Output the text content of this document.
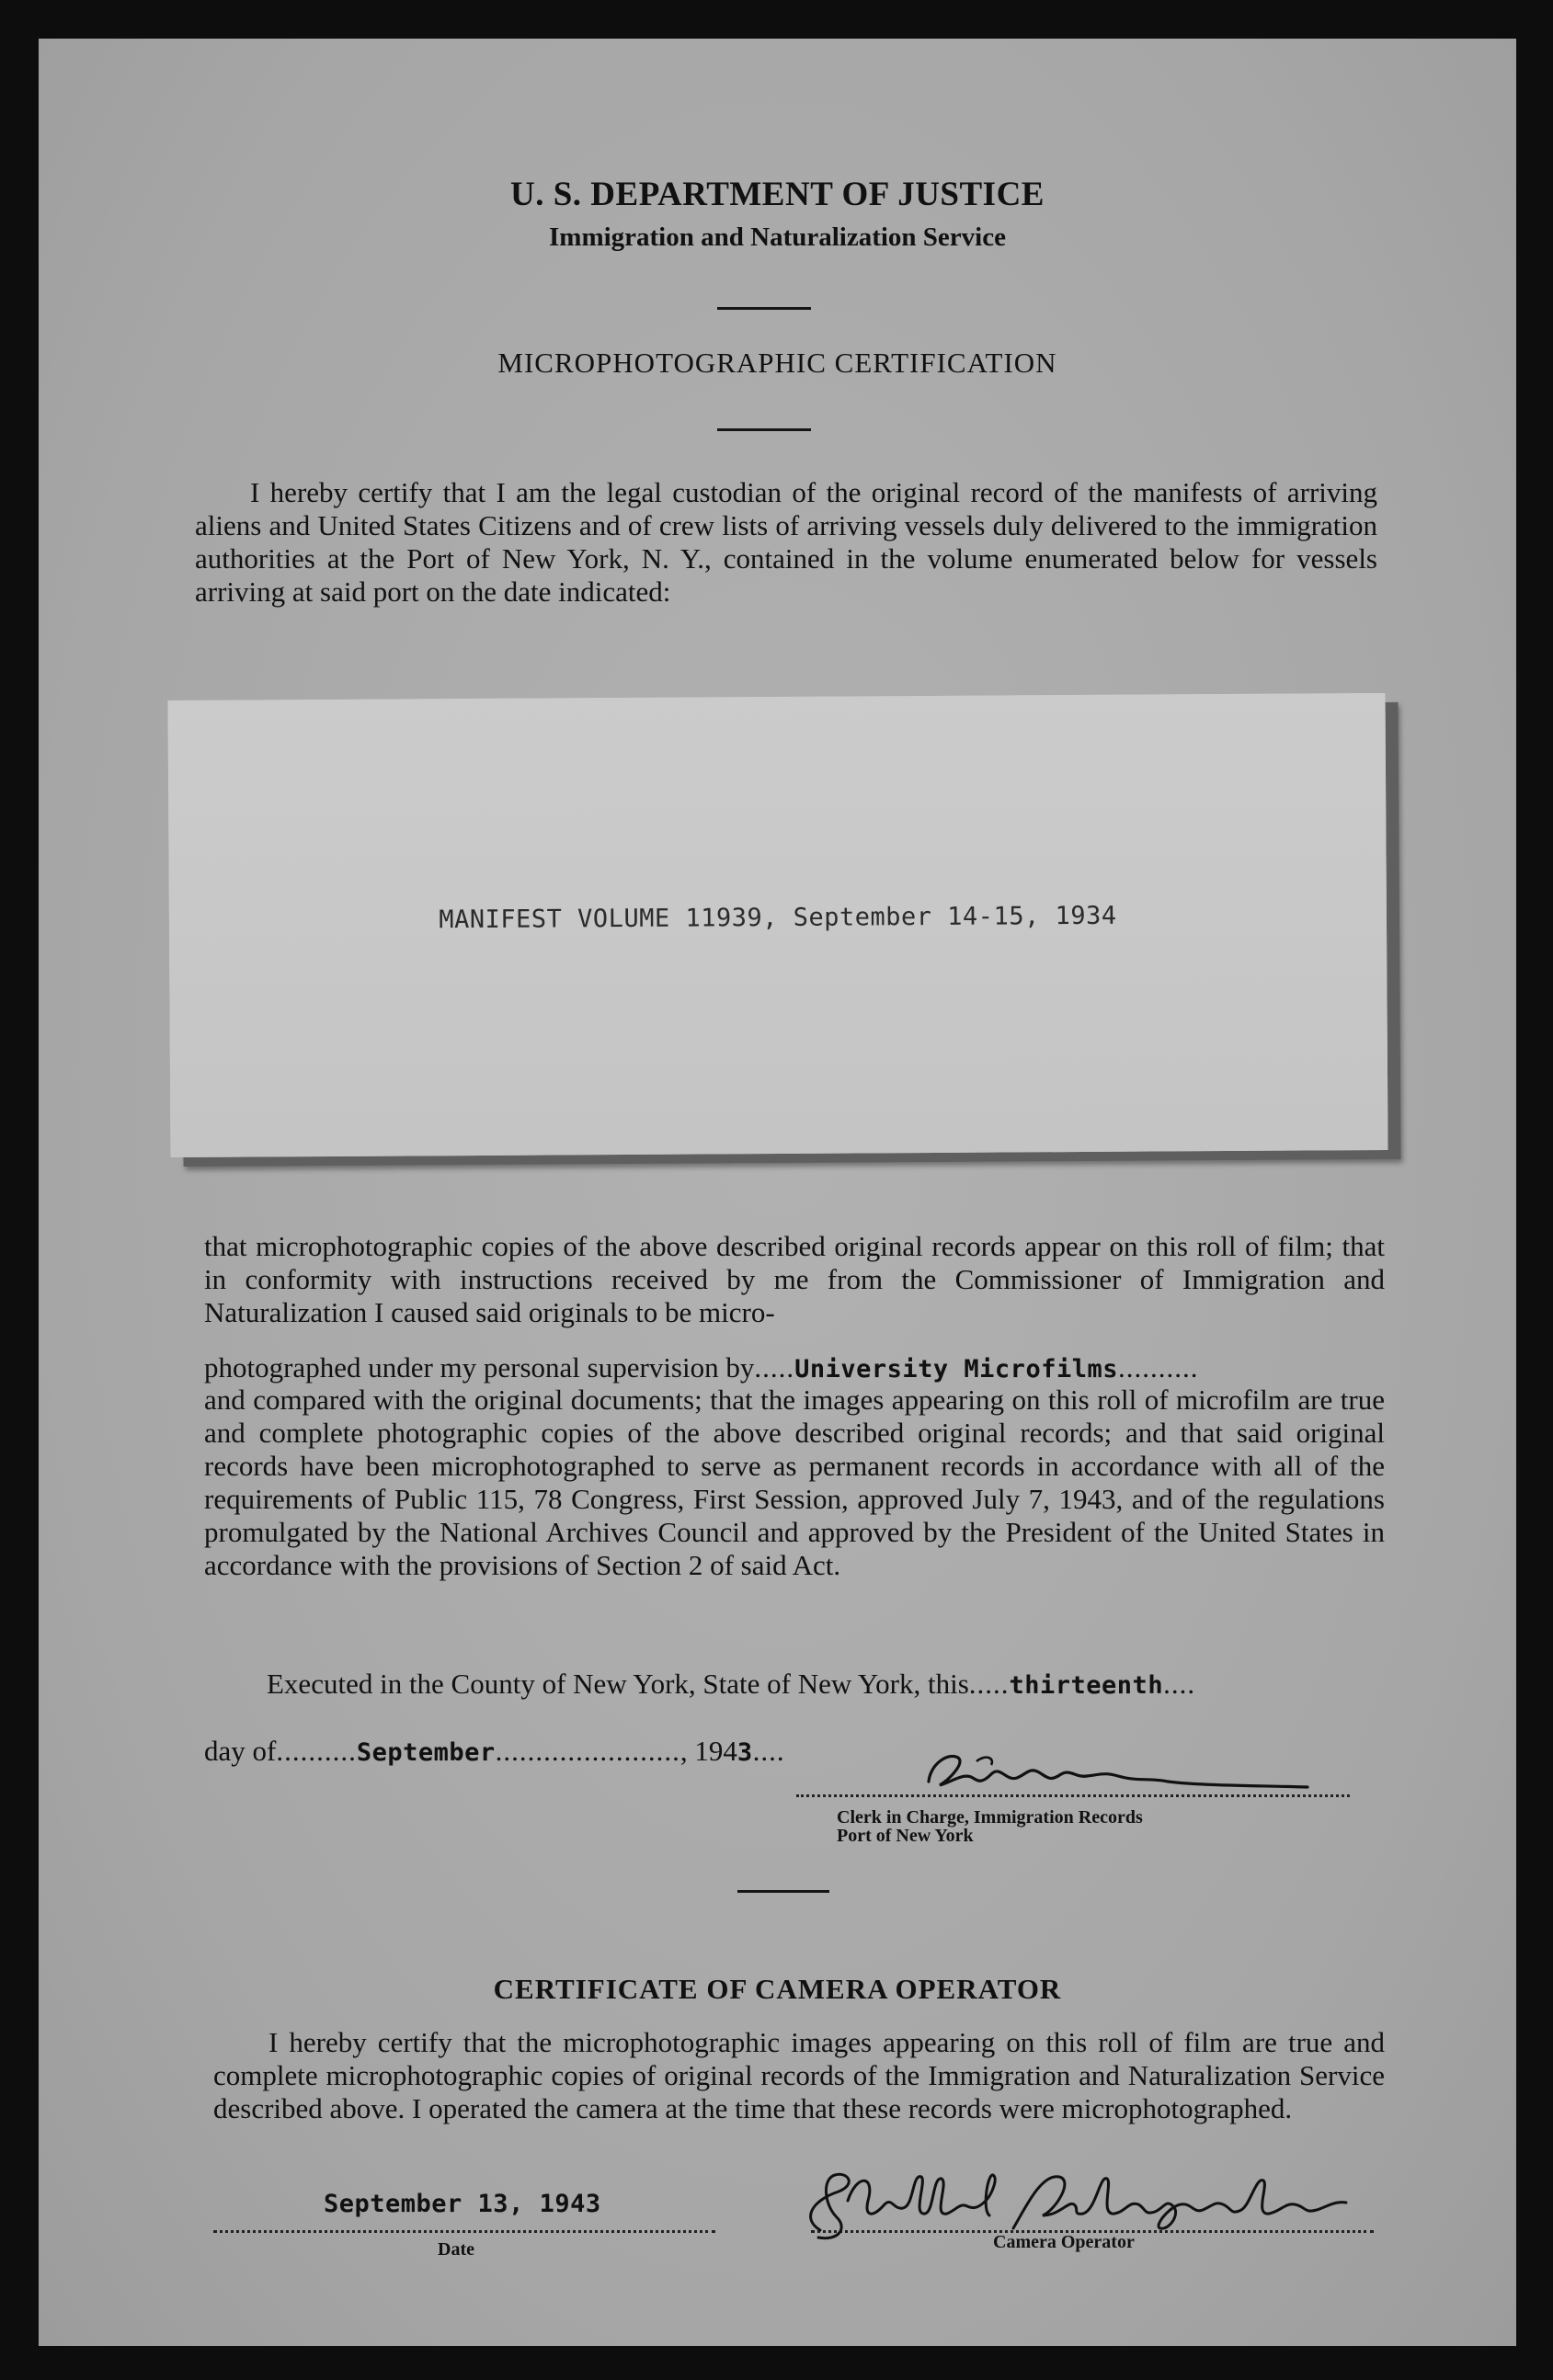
U. S. DEPARTMENT OF JUSTICE
Immigration and Naturalization Service
MICROPHOTOGRAPHIC CERTIFICATION
I hereby certify that I am the legal custodian of the original record of the manifests of arriving aliens and United States Citizens and of crew lists of arriving vessels duly delivered to the immigration authorities at the Port of New York, N. Y., contained in the volume enumerated below for vessels arriving at said port on the date indicated:
MANIFEST VOLUME 11939, September 14-15, 1934
that microphotographic copies of the above described original records appear on this roll of film; that in conformity with instructions received by me from the Commissioner of Immigration and Naturalization I caused said originals to be micro-
photographed under my personal supervision by.....University Microfilms..........
and compared with the original documents; that the images appearing on this roll of microfilm are true and complete photographic copies of the above described original records; and that said original records have been microphotographed to serve as permanent records in accordance with all of the requirements of Public 115, 78 Congress, First Session, approved July 7, 1943, and of the regulations promulgated by the National Archives Council and approved by the President of the United States in accordance with the provisions of Section 2 of said Act.
Executed in the County of New York, State of New York, this.....thirteenth....
day of..........September......................., 1943....
Clerk in Charge, Immigration Records
Port of New York
CERTIFICATE OF CAMERA OPERATOR
I hereby certify that the microphotographic images appearing on this roll of film are true and complete microphotographic copies of original records of the Immigration and Naturalization Service described above. I operated the camera at the time that these records were microphotographed.
September 13, 1943
Date	Camera Operator
